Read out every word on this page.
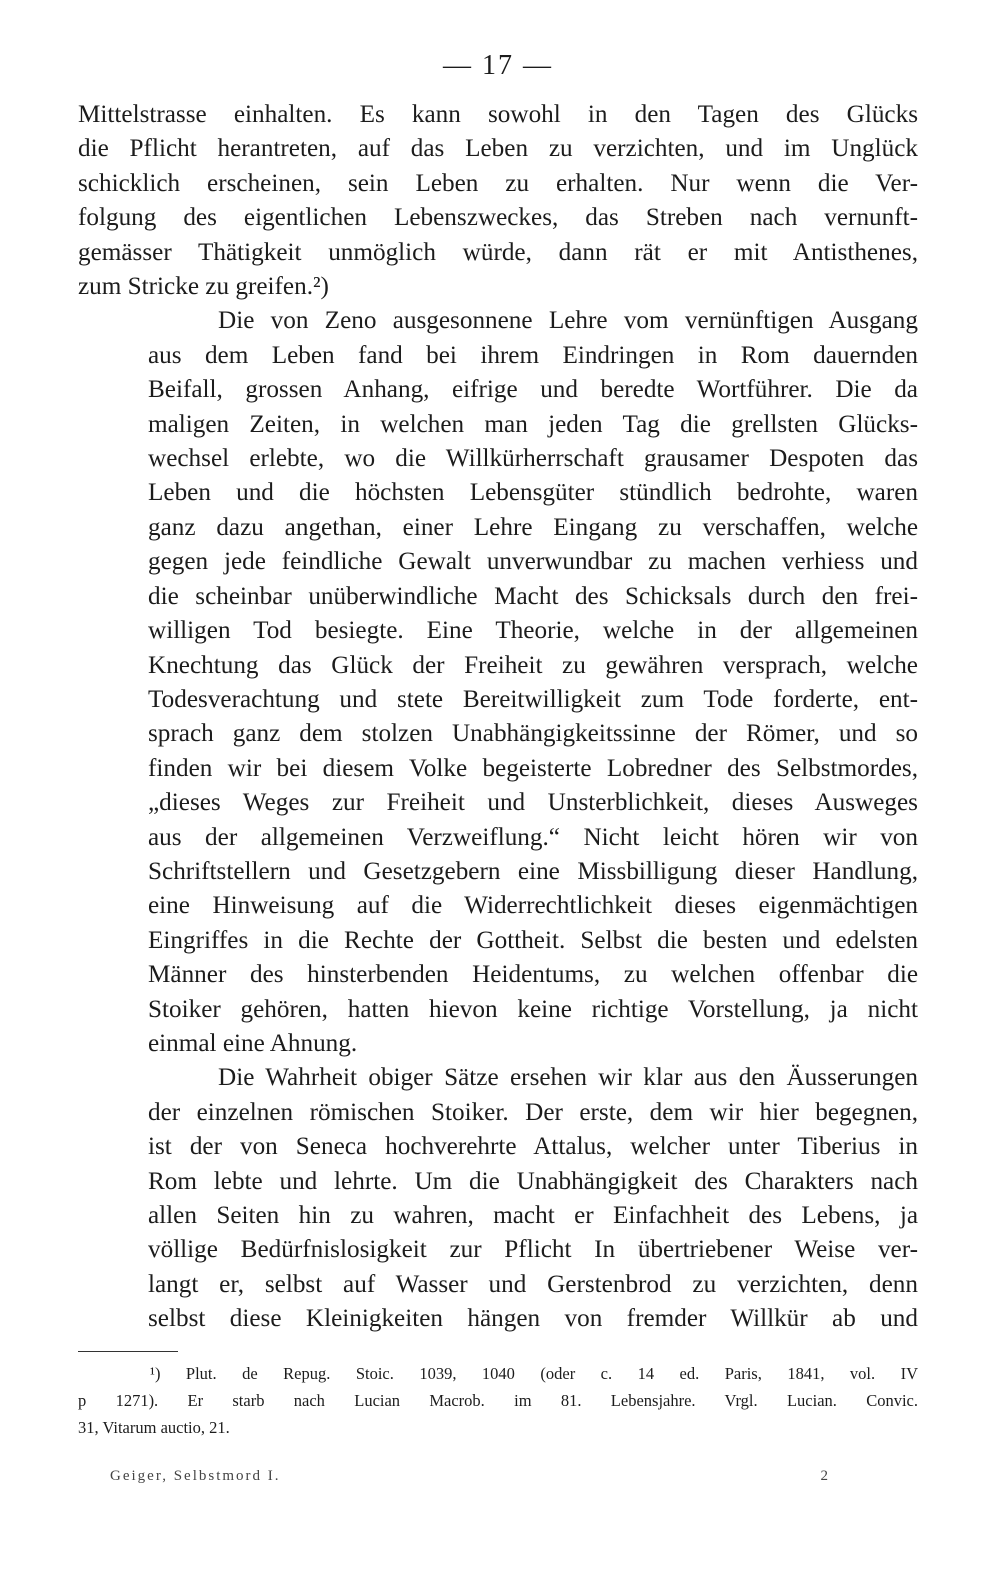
— 17 —

Mittelstrasse einhalten. Es kann sowohl in den Tagen des Glücks
die Pflicht herantreten, auf das Leben zu verzichten, und im Unglück
schicklich erscheinen, sein Leben zu erhalten. Nur wenn die Ver-
folgung des eigentlichen Lebenszweckes, das Streben nach vernunft-
gemässer Thätigkeit unmöglich würde, dann rät er mit Antisthenes,
zum Stricke zu greifen.²)

Die von Zeno ausgesonnene Lehre vom vernünftigen Ausgang
aus dem Leben fand bei ihrem Eindringen in Rom dauernden
Beifall, grossen Anhang, eifrige und beredte Wortführer. Die da
maligen Zeiten, in welchen man jeden Tag die grellsten Glücks-
wechsel erlebte, wo die Willkürherrschaft grausamer Despoten das
Leben und die höchsten Lebensgüter stündlich bedrohte, waren
ganz dazu angethan, einer Lehre Eingang zu verschaffen, welche
gegen jede feindliche Gewalt unverwundbar zu machen verhiess und
die scheinbar unüberwindliche Macht des Schicksals durch den frei-
willigen Tod besiegte. Eine Theorie, welche in der allgemeinen
Knechtung das Glück der Freiheit zu gewähren versprach, welche
Todesverachtung und stete Bereitwilligkeit zum Tode forderte, ent-
sprach ganz dem stolzen Unabhängigkeitssinne der Römer, und so
finden wir bei diesem Volke begeisterte Lobredner des Selbstmordes,
„dieses Weges zur Freiheit und Unsterblichkeit, dieses Ausweges
aus der allgemeinen Verzweiflung.“ Nicht leicht hören wir von
Schriftstellern und Gesetzgebern eine Missbilligung dieser Handlung,
eine Hinweisung auf die Widerrechtlichkeit dieses eigenmächtigen
Eingriffes in die Rechte der Gottheit. Selbst die besten und edelsten
Männer des hinsterbenden Heidentums, zu welchen offenbar die
Stoiker gehören, hatten hievon keine richtige Vorstellung, ja nicht
einmal eine Ahnung.

Die Wahrheit obiger Sätze ersehen wir klar aus den Äusserungen
der einzelnen römischen Stoiker. Der erste, dem wir hier begegnen,
ist der von Seneca hochverehrte Attalus, welcher unter Tiberius in
Rom lebte und lehrte. Um die Unabhängigkeit des Charakters nach
allen Seiten hin zu wahren, macht er Einfachheit des Lebens, ja
völlige Bedürfnislosigkeit zur Pflicht In übertriebener Weise ver-
langt er, selbst auf Wasser und Gerstenbrod zu verzichten, denn
selbst diese Kleinigkeiten hängen von fremder Willkür ab und

¹) Plut. de Repug. Stoic. 1039, 1040 (oder c. 14 ed. Paris, 1841, vol. IV
p 1271). Er starb nach Lucian Macrob. im 81. Lebensjahre. Vrgl. Lucian. Convic.
31, Vitarum auctio, 21.
Geiger, Selbstmord I.	2
